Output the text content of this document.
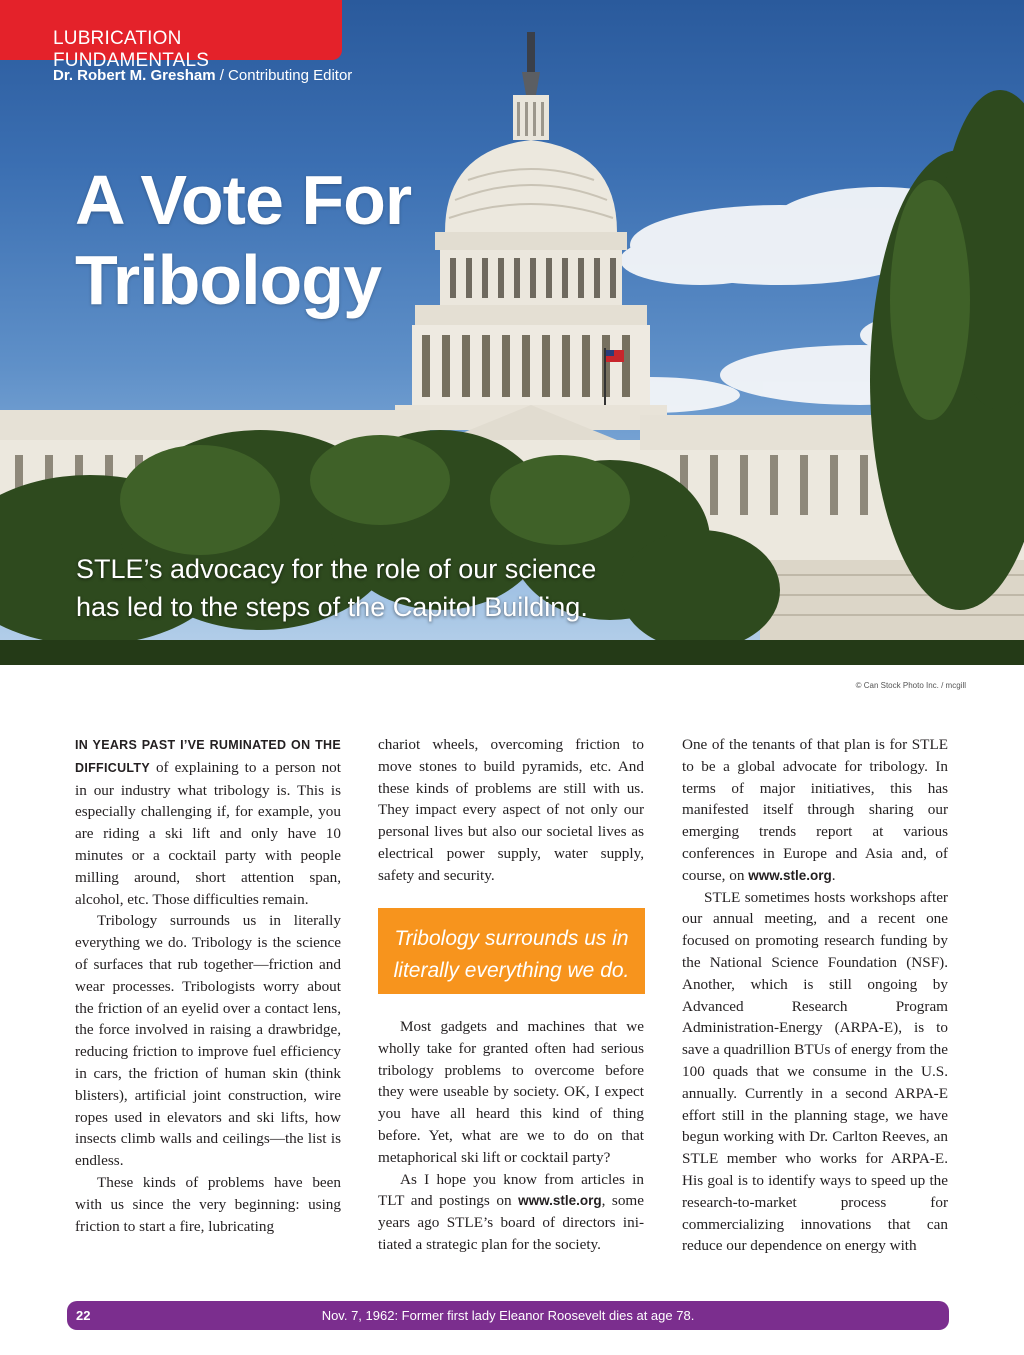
LUBRICATION FUNDAMENTALS
Dr. Robert M. Gresham / Contributing Editor
A Vote For
Tribology

STLE’s advocacy for the role of our science
has led to the steps of the Capitol Building.

© Can Stock Photo Inc. / mcgill

IN YEARS PAST I’VE RUMINATED ON THE DIFFICULTY of explaining to a person not in our industry what tribology is. This is especially challenging if, for example, you are riding a ski lift and only have 10 minutes or a cocktail party with people milling around, short attention span, alcohol, etc. Those difficulties remain.

Tribology surrounds us in literally everything we do. Tribology is the science of surfaces that rub together—friction and wear processes. Tribologists worry about the friction of an eyelid over a contact lens, the force involved in raising a drawbridge, reducing friction to improve fuel efficiency in cars, the friction of human skin (think blisters), artificial joint construction, wire ropes used in elevators and ski lifts, how insects climb walls and ceilings—the list is endless.

These kinds of problems have been with us since the very beginning: using friction to start a fire, lubricating

chariot wheels, overcoming friction to move stones to build pyramids, etc. And these kinds of problems are still with us. They impact every aspect of not only our personal lives but also our societal lives as electrical power supply, water supply, safety and security.

Tribology surrounds us in
literally everything we do.

Most gadgets and machines that we wholly take for granted often had serious tribology problems to overcome before they were useable by society. OK, I expect you have all heard this kind of thing before. Yet, what are we to do on that metaphorical ski lift or cocktail party?

As I hope you know from articles in TLT and postings on www.stle.org, some years ago STLE’s board of directors initiated a strategic plan for the society.

One of the tenants of that plan is for STLE to be a global advocate for tribology. In terms of major initiatives, this has manifested itself through sharing our emerging trends report at various conferences in Europe and Asia and, of course, on www.stle.org.

STLE sometimes hosts workshops after our annual meeting, and a recent one focused on promoting research funding by the National Science Foundation (NSF). Another, which is still ongoing by Advanced Research Program Administration-Energy (ARPA-E), is to save a quadrillion BTUs of energy from the 100 quads that we consume in the U.S. annually. Currently in a second ARPA-E effort still in the planning stage, we have begun working with Dr. Carlton Reeves, an STLE member who works for ARPA-E. His goal is to identify ways to speed up the research-to-market process for commercializing innovations that can reduce our dependence on energy with

22	Nov. 7, 1962: Former first lady Eleanor Roosevelt dies at age 78.
